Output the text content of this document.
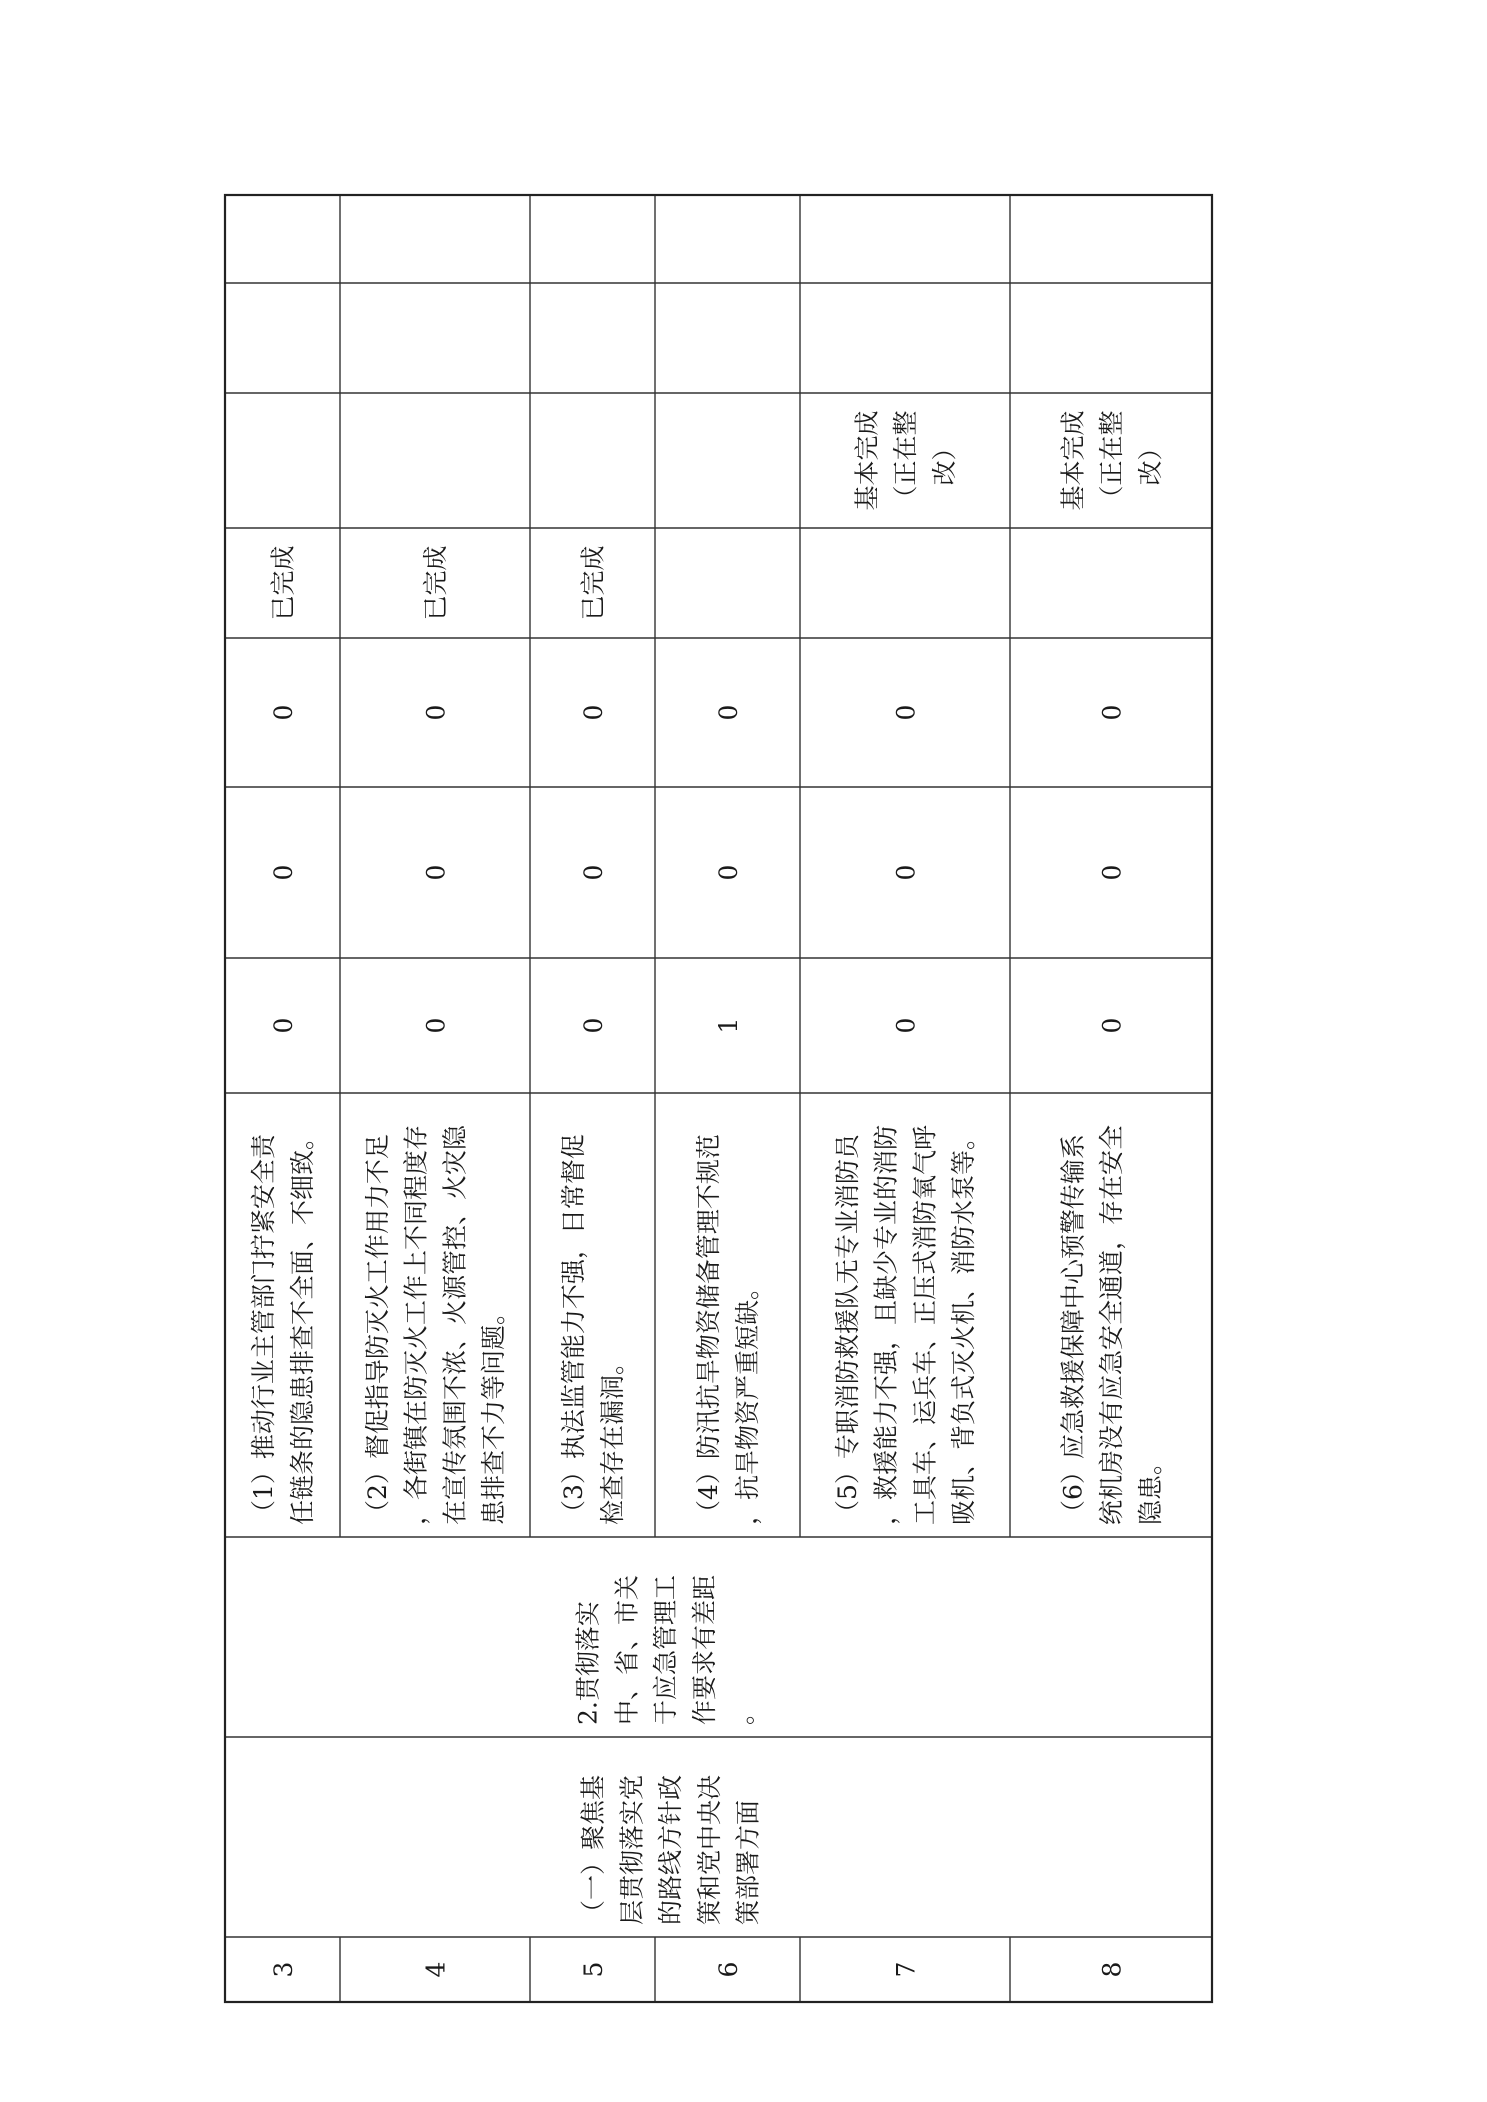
3
（1）推动行业主管部门拧紧安全责 任链条的隐患排查不全面、不细致。
0
0
0
已完成
4
（2）督促指导防灭火工作用力不足 ，各街镇在防灭火工作上不同程度存 在宣传氛围不浓、火源管控、火灾隐 患排查不力等问题。
0
0
0
已完成
5
（3）执法监管能力不强，日常督促 检查存在漏洞。
0
0
0
已完成
6
（4）防汛抗旱物资储备管理不规范 ，抗旱物资严重短缺。
1
0
0
7
（5）专职消防救援队无专业消防员 ，救援能力不强，且缺少专业的消防 工具车、运兵车、正压式消防氧气呼 吸机、背负式灭火机、消防水泵等。
0
0
0
基本完成 （正在整 改）
8
（6）应急救援保障中心预警传输系 统机房没有应急安全通道，存在安全 隐患。
0
0
0
基本完成 （正在整 改）
（一）聚焦基 层贯彻落实党 的路线方针政 策和党中央决 策部署方面
2.贯彻落实 中、省、市关 于应急管理工 作要求有差距 。
